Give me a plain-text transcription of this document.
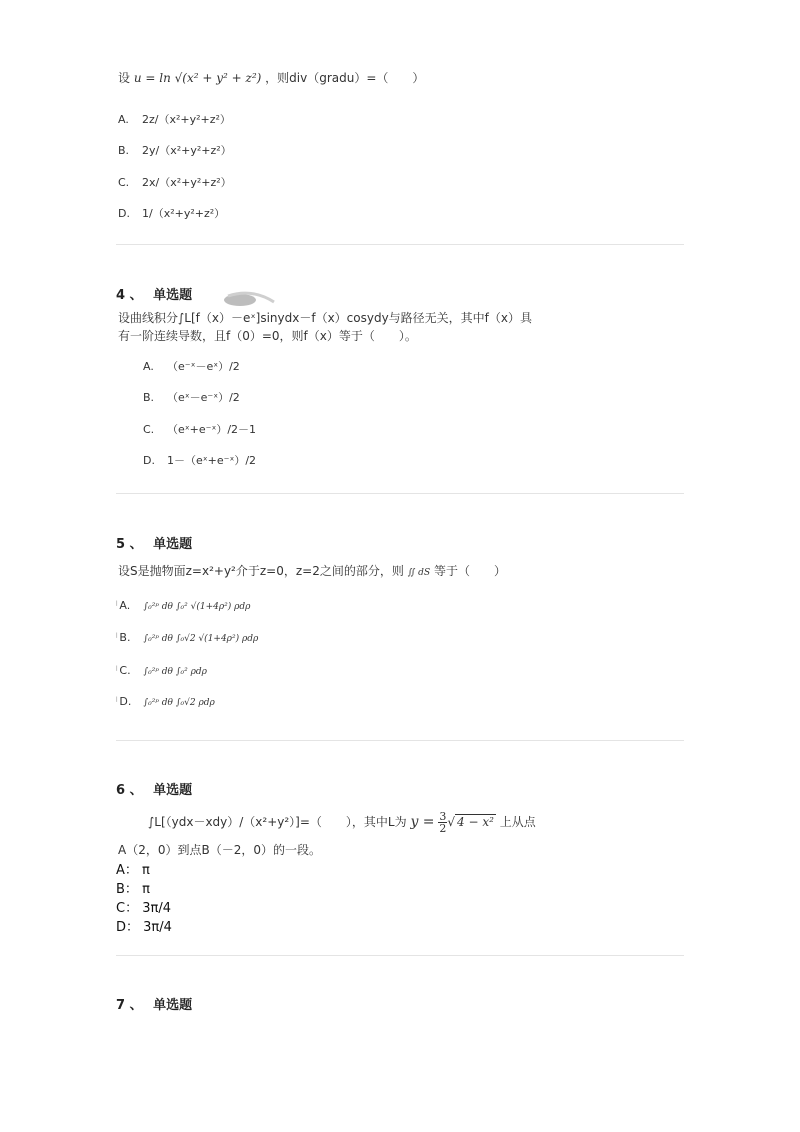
设 u = ln √(x² + y² + z²) ，则div（gradu）=（　　）
A. 2z/（x²+y²+z²）
B. 2y/（x²+y²+z²）
C. 2x/（x²+y²+z²）
D. 1/（x²+y²+z²）
4 、 单选题
设曲线积分∫L[f（x）－eˣ]sinydx－f（x）cosydy与路径无关，其中f（x）具
有一阶连续导数，且f（0）=0，则f（x）等于（　　）。
A. （e⁻ˣ－eˣ）/2
B. （eˣ－e⁻ˣ）/2
C. （eˣ+e⁻ˣ）/2－1
D. 1－（eˣ+e⁻ˣ）/2
5 、 单选题
设S是抛物面z=x²+y²介于z=0，z=2之间的部分，则 ∬ dS 等于（　　）
╵A. ∫₀²ᵖ dθ ∫₀² √(1+4ρ²) ρdρ
╵B. ∫₀²ᵖ dθ ∫₀√2 √(1+4ρ²) ρdρ
╵C. ∫₀²ᵖ dθ ∫₀² ρdρ
╵D. ∫₀²ᵖ dθ ∫₀√2 ρdρ
6 、 单选题
∫L[（ydx－xdy）/（x²+y²）]=（　　），其中L为 $y = \frac{3}{2}$ √ 4 − x² 上从点
A（2，0）到点B（－2，0）的一段。
A： π
B： π
C： 3π/4
D： 3π/4
7 、 单选题
